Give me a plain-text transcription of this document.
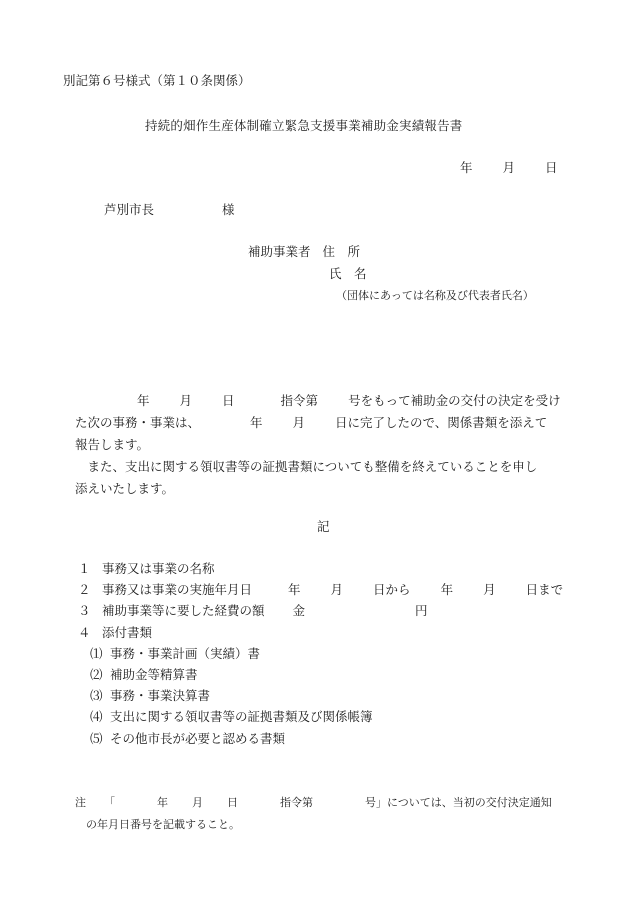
別記第６号様式（第１０条関係）
持続的畑作生産体制確立緊急支援事業補助金実績報告書
年 月 日
芦別市長	様
補助事業者 住　所
氏　名
（団体にあっては名称及び代表者氏名）
年 月 日	指令第 号をもって補助金の交付の決定を受け
た次の事務・事業は、	年 月 日に完了したので、関係書類を添えて
報告します。
　また、支出に関する領収書等の証拠書類についても整備を終えていることを申し
添えいたします。
記
１ 事務又は事業の名称
２ 事務又は事業の実施年月日	年 月 日から 年 月 日まで
３ 補助事業等に要した経費の額 金	円
４ 添付書類
⑴ 事務・事業計画（実績）書
⑵ 補助金等精算書
⑶ 事務・事業決算書
⑷ 支出に関する領収書等の証拠書類及び関係帳簿
⑸ その他市長が必要と認める書類
注 「	年 月 日	指令第	号」については、当初の交付決定通知
の年月日番号を記載すること。
